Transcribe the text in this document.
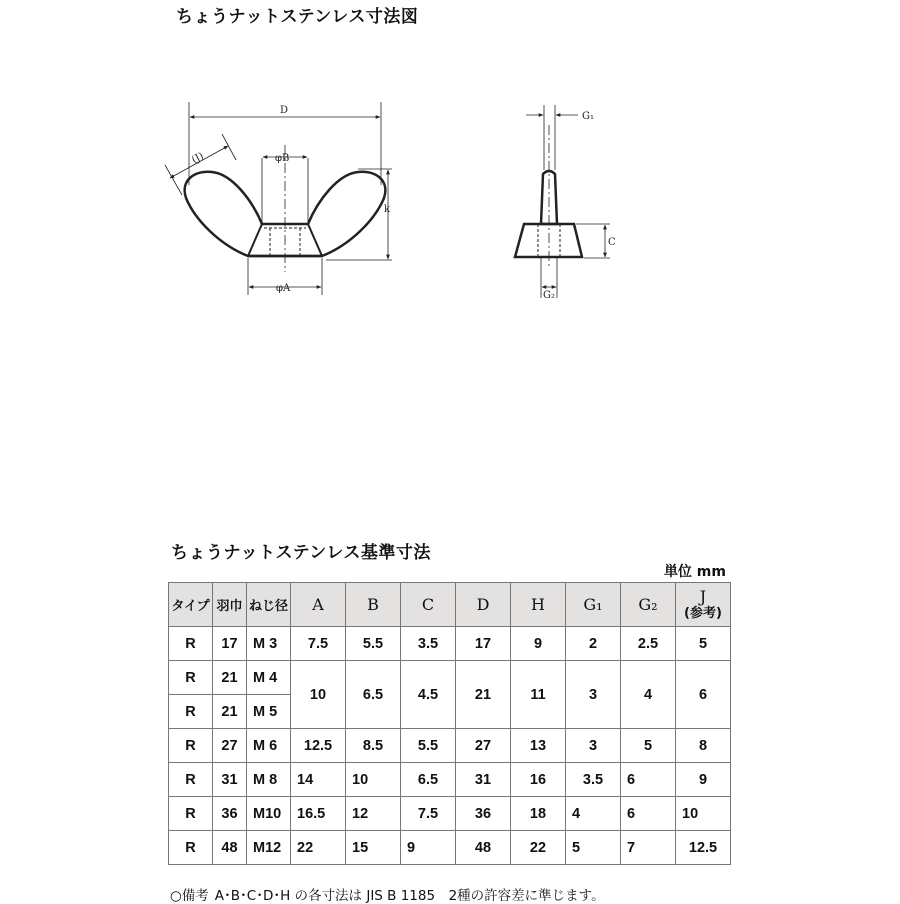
ちょうナットステンレス寸法図
D
(J)	φB
φA
k
G₁
G₂
C
ちょうナットステンレス基準寸法
単位 mm
タイプ	羽巾	ねじ径	A	B	C	D	H	G₁	G₂	J
(参考)

R	17	M 3	7.5	5.5	3.5	17	9	2	2.5	5
R	21	M 4	10	6.5	4.5	21	11	3	4	6
R	21	M 5								
R	27	M 6	12.5	8.5	5.5	27	13	3	5	8
R	31	M 8	14	10	6.5	31	16	3.5	6	9
R	36	M10	16.5	12	7.5	36	18	4	6	10
R	48	M12	22	15	9	48	22	5	7	12.5
○備考 A･B･C･D･H の各寸法は JIS B 1185　2種の許容差に準じます。
